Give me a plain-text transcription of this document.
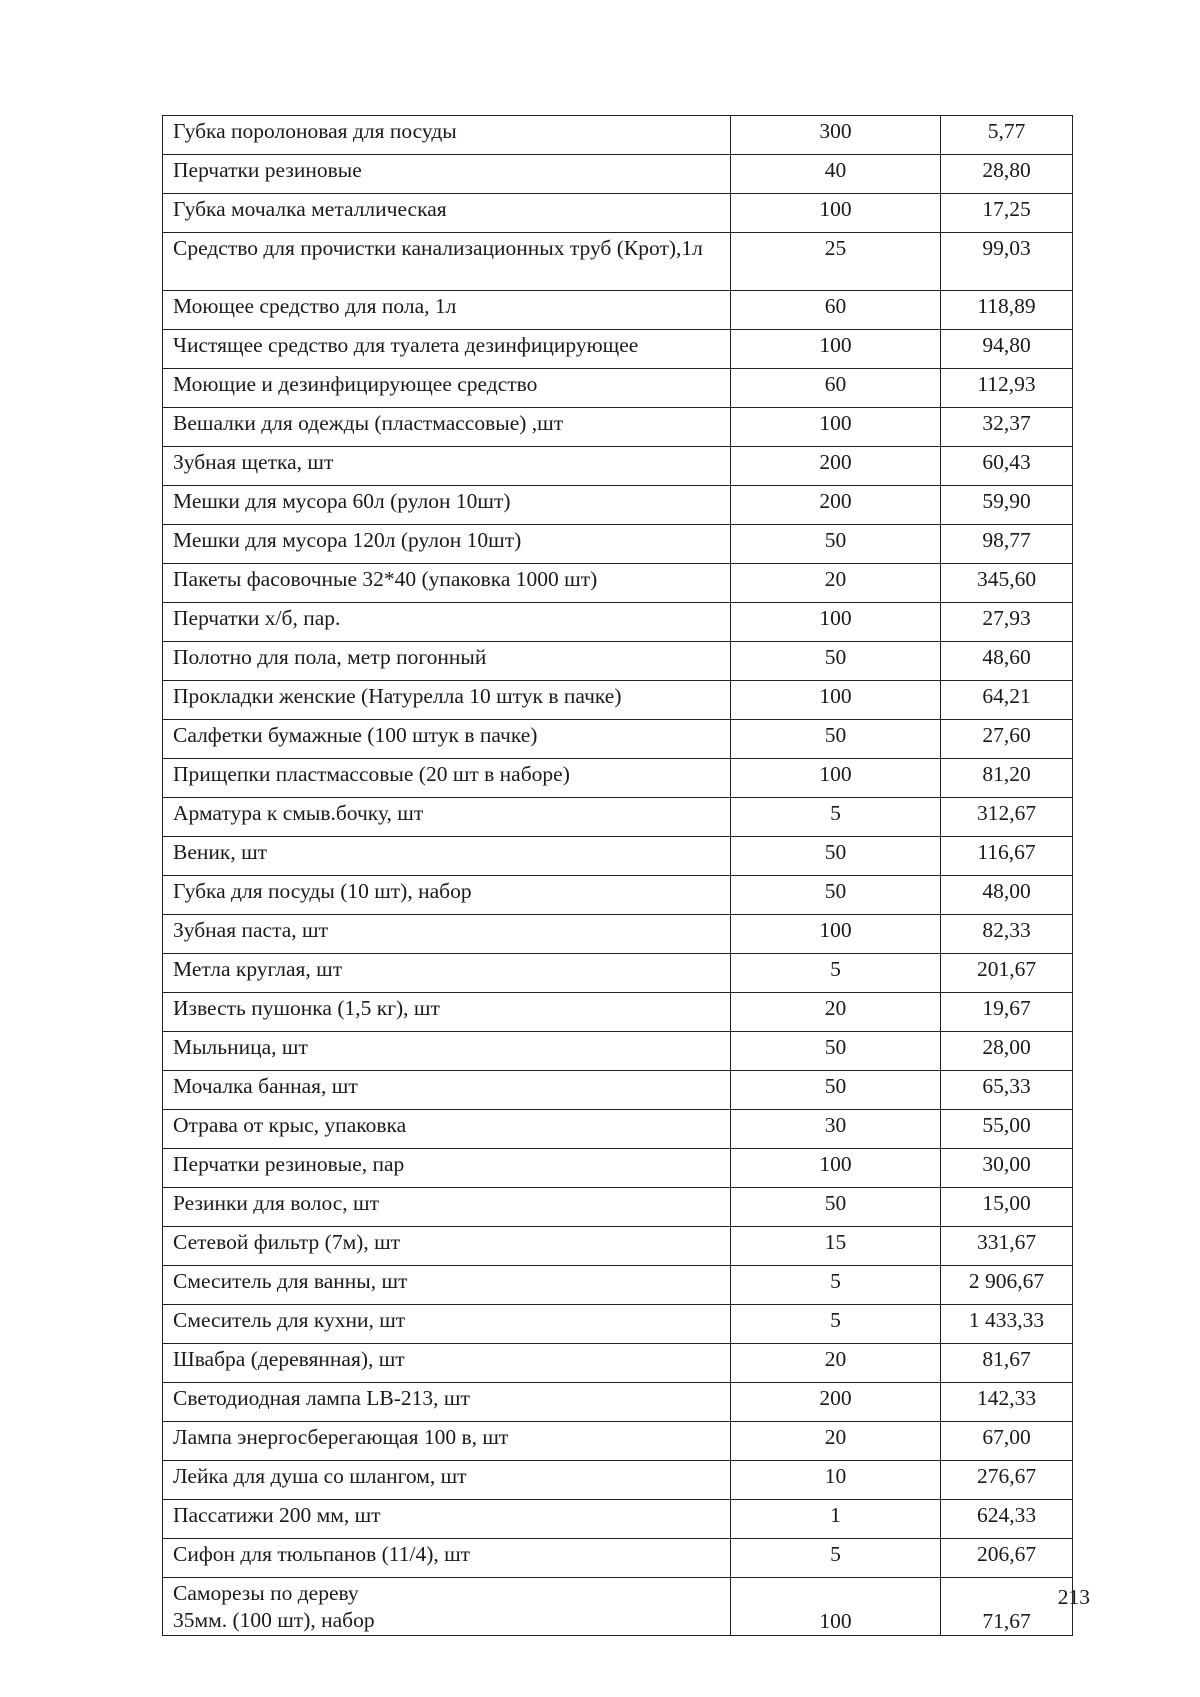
Губка поролоновая для посуды	300	5,77
Перчатки резиновые	40	28,80
Губка мочалка металлическая	100	17,25
Средство для прочистки канализационных труб (Крот),1л	25	99,03
Моющее средство для пола, 1л	60	118,89
Чистящее средство для туалета дезинфицирующее	100	94,80
Моющие и дезинфицирующее средство	60	112,93
Вешалки для одежды (пластмассовые) ,шт	100	32,37
Зубная щетка, шт	200	60,43
Мешки для мусора 60л (рулон 10шт)	200	59,90
Мешки для мусора 120л (рулон 10шт)	50	98,77
Пакеты фасовочные 32*40 (упаковка 1000 шт)	20	345,60
Перчатки х/б, пар.	100	27,93
Полотно для пола, метр погонный	50	48,60
Прокладки женские (Натурелла 10 штук в пачке)	100	64,21
Салфетки бумажные (100 штук в пачке)	50	27,60
Прищепки пластмассовые (20 шт в наборе)	100	81,20
Арматура к смыв.бочку, шт	5	312,67
Веник, шт	50	116,67
Губка для посуды (10 шт), набор	50	48,00
Зубная паста, шт	100	82,33
Метла круглая, шт	5	201,67
Известь пушонка (1,5 кг), шт	20	19,67
Мыльница, шт	50	28,00
Мочалка банная, шт	50	65,33
Отрава от крыс, упаковка	30	55,00
Перчатки резиновые, пар	100	30,00
Резинки для волос, шт	50	15,00
Сетевой фильтр (7м), шт	15	331,67
Смеситель для ванны, шт	5	2 906,67
Смеситель для кухни, шт	5	1 433,33
Швабра (деревянная), шт	20	81,67
Светодиодная лампа LB-213, шт	200	142,33
Лампа энергосберегающая 100 в, шт	20	67,00
Лейка для душа со шлангом, шт	10	276,67
Пассатижи 200 мм, шт	1	624,33
Сифон для тюльпанов (11/4), шт	5	206,67
Саморезы по дереву
35мм. (100 шт), набор	100	71,67
213
